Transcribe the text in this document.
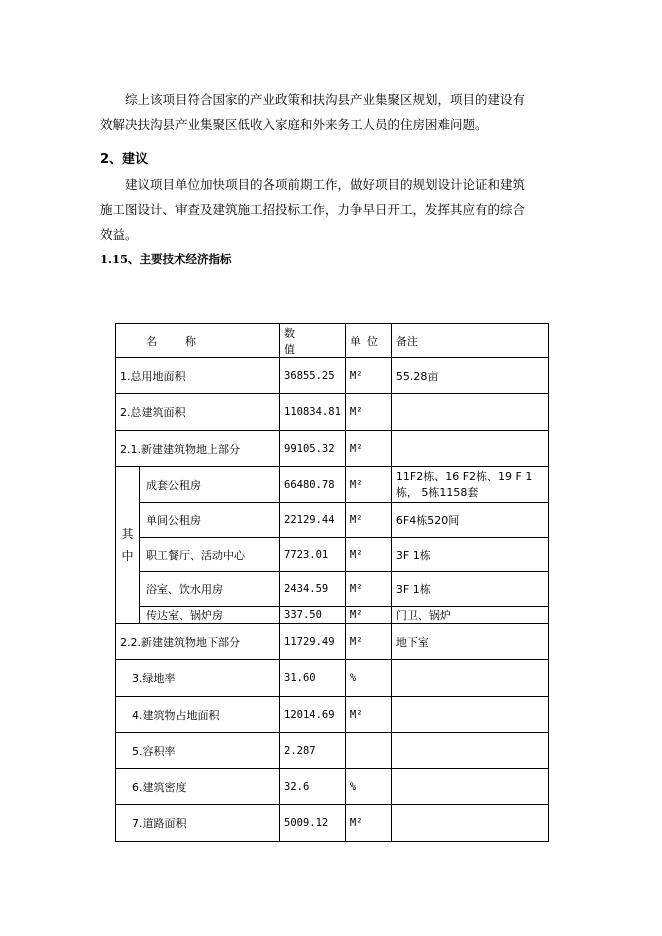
综上该项目符合国家的产业政策和扶沟县产业集聚区规划，项目的建设有
效解决扶沟县产业集聚区低收入家庭和外来务工人员的住房困难问题。
2、建议
建议项目单位加快项目的各项前期工作，做好项目的规划设计论证和建筑
施工图设计、审查及建筑施工招投标工作，力争早日开工，发挥其应有的综合
效益。
1.15、主要技术经济指标
名称		数值	单位	备注
1.总用地面积		36855.25	M²	55.28亩
2.总建筑面积		110834.81	M²	
2.1.新建建筑物地上部分		99105.32	M²	
其中	成套公租房	66480.78	M²	11F2栋、16 F2栋、19 F 1栋， 5栋1158套
	单间公租房	22129.44	M²	6F4栋520间
	职工餐厅、活动中心	7723.01	M²	3F 1栋
	浴室、饮水用房	2434.59	M²	3F 1栋
	传达室、锅炉房	337.50	M²	门卫、锅炉
2.2.新建建筑物地下部分		11729.49	M²	地下室
3.绿地率		31.60	%	
4.建筑物占地面积		12014.69	M²	
5.容积率		2.287		
6.建筑密度		32.6	%	
7.道路面积		5009.12	M²	
